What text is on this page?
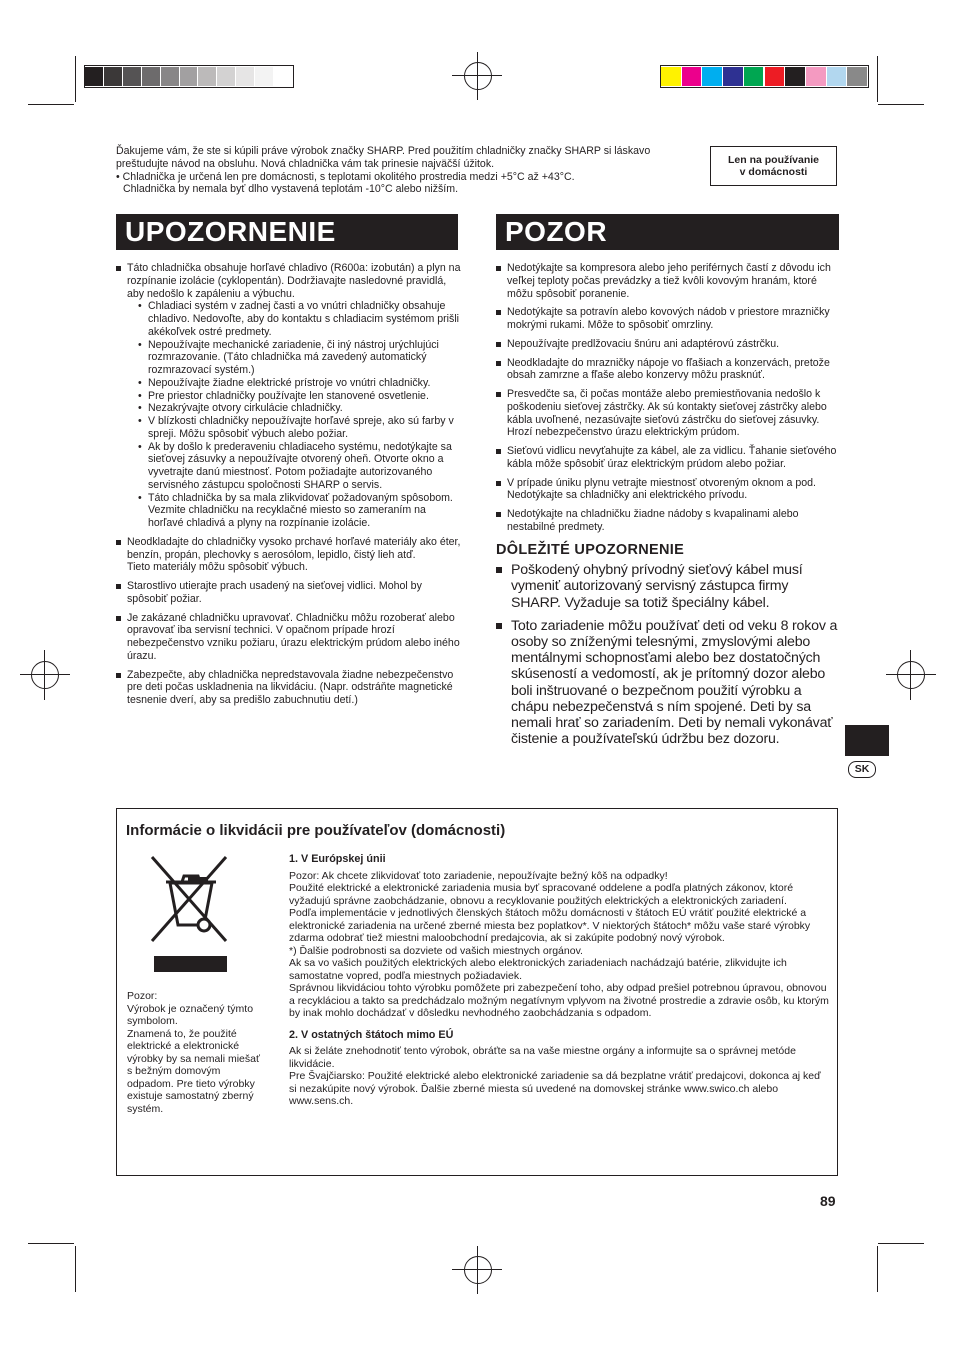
Ďakujeme vám, že ste si kúpili práve výrobok značky SHARP. Pred použitím chladničky značky SHARP si láskavo preštudujte návod na obsluhu. Nová chladnička vám tak prinesie najväčší úžitok.

• Chladnička je určená len pre domácnosti, s teplotami okolitého prostredia medzi +5°C až +43°C.

Chladnička by nemala byť dlho vystavená teplotám -10°C alebo nižším.

Len na používanie
v domácnosti
UPOZORNENIE	POZOR
Táto chladnička obsahuje horľavé chladivo (R600a: izobután) a plyn na rozpínanie izolácie (cyklopentán). Dodržiavajte nasledovné pravidlá, aby nedošlo k zapáleniu a výbuchu.
• Chladiaci systém v zadnej časti a vo vnútri chladničky obsahuje chladivo. Nedovoľte, aby do kontaktu s chladiacim systémom prišli akékoľvek ostré predmety.
• Nepoužívajte mechanické zariadenie, či iný nástroj urýchlujúci rozmrazovanie. (Táto chladnička má zavedený automatický rozmrazovací systém.)
• Nepoužívajte žiadne elektrické prístroje vo vnútri chladničky.
• Pre priestor chladničky používajte len stanovené osvetlenie.
• Nezakrývajte otvory cirkulácie chladničky.
• V blízkosti chladničky nepoužívajte horľavé spreje, ako sú farby v spreji. Môžu spôsobiť výbuch alebo požiar.
• Ak by došlo k prederaveniu chladiaceho systému, nedotýkajte sa sieťovej zásuvky a nepoužívajte otvorený oheň. Otvorte okno a vyvetrajte danú miestnosť. Potom požiadajte autorizovaného servisného zástupcu spoločnosti SHARP o servis.
• Táto chladnička by sa mala zlikvidovať požadovaným spôsobom. Vezmite chladničku na recyklačné miesto so zameraním na horľavé chladivá a plyny na rozpínanie izolácie.
Neodkladajte do chladničky vysoko prchavé horľavé materiály ako éter, benzín, propán, plechovky s aerosólom, lepidlo, čistý lieh atď.
Tieto materiály môžu spôsobiť výbuch.
Starostlivo utierajte prach usadený na sieťovej vidlici. Mohol by spôsobiť požiar.
Je zakázané chladničku upravovať. Chladničku môžu rozoberať alebo opravovať iba servisní technici. V opačnom prípade hrozí nebezpečenstvo vzniku požiaru, úrazu elektrickým prúdom alebo iného úrazu.
Zabezpečte, aby chladnička nepredstavovala žiadne nebezpečenstvo pre deti počas uskladnenia na likvidáciu. (Napr. odstráňte magnetické tesnenie dverí, aby sa predišlo zabuchnutiu detí.)
Nedotýkajte sa kompresora alebo jeho periférnych častí z dôvodu ich veľkej teploty počas prevádzky a tiež kvôli kovovým hranám, ktoré môžu spôsobiť poranenie.
Nedotýkajte sa potravín alebo kovových nádob v priestore mrazničky mokrými rukami. Môže to spôsobiť omrzliny.
Nepoužívajte predlžovaciu šnúru ani adaptérovú zástrčku.
Neodkladajte do mrazničky nápoje vo fľašiach a konzervách, pretože obsah zamrzne a fľaše alebo konzervy môžu prasknúť.
Presvedčte sa, či počas montáže alebo premiestňovania nedošlo k poškodeniu sieťovej zástrčky. Ak sú kontakty sieťovej zástrčky alebo kábla uvoľnené, nezasúvajte sieťovú zástrčku do sieťovej zásuvky. Hrozí nebezpečenstvo úrazu elektrickým prúdom.
Sieťovú vidlicu nevyťahujte za kábel, ale za vidlicu. Ťahanie sieťového kábla môže spôsobiť úraz elektrickým prúdom alebo požiar.
V prípade úniku plynu vetrajte miestnosť otvoreným oknom a pod. Nedotýkajte sa chladničky ani elektrického prívodu.
Nedotýkajte na chladničku žiadne nádoby s kvapalinami alebo nestabilné predmety.
DÔLEŽITÉ UPOZORNENIE
Poškodený ohybný prívodný sieťový kábel musí vymeniť autorizovaný servisný zástupca firmy SHARP. Vyžaduje sa totiž špeciálny kábel.
Toto zariadenie môžu používať deti od veku 8 rokov a osoby so zníženými telesnými, zmyslovými alebo mentálnymi schopnosťami alebo bez dostatočných skúseností a vedomostí, ak je prítomný dozor alebo boli inštruované o bezpečnom použití výrobku a chápu nebezpečenstvá s ním spojené. Deti by sa nemali hrať so zariadením. Deti by nemali vykonávať čistenie a používateľskú údržbu bez dozoru.
SK
Informácie o likvidácii pre používateľov (domácnosti)

Pozor:

Výrobok je označený týmto symbolom.

Znamená to, že použité elektrické a elektronické výrobky by sa nemali miešať s bežným domovým odpadom. Pre tieto výrobky existuje samostatný zberný systém.

1. V Európskej únii

Pozor: Ak chcete zlikvidovať toto zariadenie, nepoužívajte bežný kôš na odpadky!

Použité elektrické a elektronické zariadenia musia byť spracované oddelene a podľa platných zákonov, ktoré vyžadujú správne zaobchádzanie, obnovu a recyklovanie použitých elektrických a elektronických zariadení.

Podľa implementácie v jednotlivých členských štátoch môžu domácnosti v štátoch EÚ vrátiť použité elektrické a elektronické zariadenia na určené zberné miesta bez poplatkov*. V niektorých štátoch* môžu vaše staré výrobky zdarma odobrať tiež miestni maloobchodní predajcovia, ak si zakúpite podobný nový výrobok.

*) Ďalšie podrobnosti sa dozviete od vašich miestnych orgánov.

Ak sa vo vašich použitých elektrických alebo elektronických zariadeniach nachádzajú batérie, zlikvidujte ich samostatne vopred, podľa miestnych požiadaviek.

Správnou likvidáciou tohto výrobku pomôžete pri zabezpečení toho, aby odpad prešiel potrebnou úpravou, obnovou a recykláciou a takto sa predchádzalo možným negatívnym vplyvom na životné prostredie a zdravie osôb, ku ktorým by inak mohlo dochádzať v dôsledku nevhodného zaobchádzania s odpadom.

2. V ostatných štátoch mimo EÚ

Ak si želáte znehodnotiť tento výrobok, obráťte sa na vaše miestne orgány a informujte sa o správnej metóde likvidácie.

Pre Švajčiarsko: Použité elektrické alebo elektronické zariadenie sa dá bezplatne vrátiť predajcovi, dokonca aj keď si nezakúpite nový výrobok. Ďalšie zberné miesta sú uvedené na domovskej stránke www.swico.ch alebo www.sens.ch.

89
